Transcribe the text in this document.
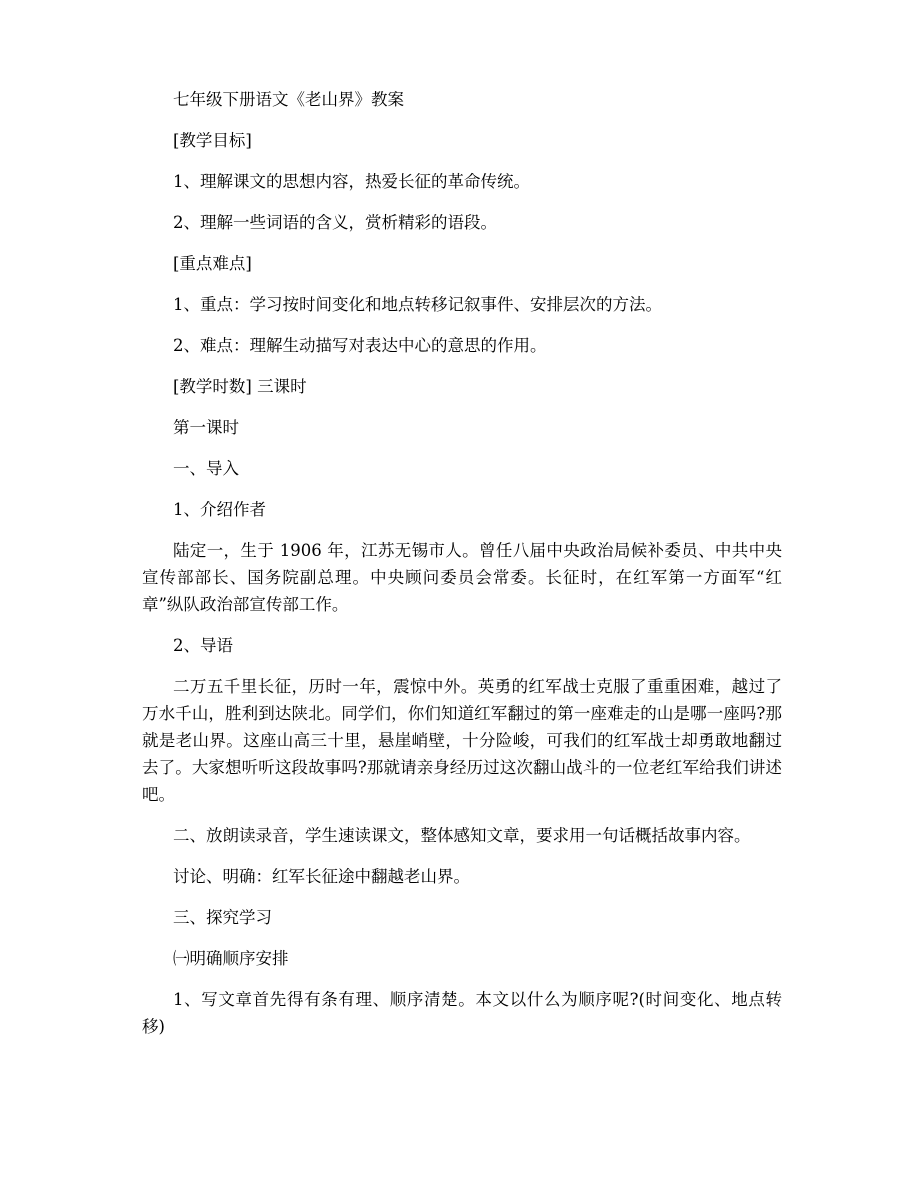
七年级下册语文《老山界》教案

[教学目标]

1、理解课文的思想内容，热爱长征的革命传统。

2、理解一些词语的含义，赏析精彩的语段。

[重点难点]

1、重点：学习按时间变化和地点转移记叙事件、安排层次的方法。

2、难点：理解生动描写对表达中心的意思的作用。

[教学时数] 三课时

第一课时

一、导入

1、介绍作者

陆定一，生于 1906 年，江苏无锡市人。曾任八届中央政治局候补委员、中共中央宣传部部长、国务院副总理。中央顾问委员会常委。长征时，在红军第一方面军“红章”纵队政治部宣传部工作。

2、导语

二万五千里长征，历时一年，震惊中外。英勇的红军战士克服了重重困难，越过了万水千山，胜利到达陕北。同学们，你们知道红军翻过的第一座难走的山是哪一座吗?那就是老山界。这座山高三十里，悬崖峭壁，十分险峻，可我们的红军战士却勇敢地翻过去了。大家想听听这段故事吗?那就请亲身经历过这次翻山战斗的一位老红军给我们讲述吧。

二、放朗读录音，学生速读课文，整体感知文章，要求用一句话概括故事内容。

讨论、明确：红军长征途中翻越老山界。

三、探究学习

㈠明确顺序安排

1、写文章首先得有条有理、顺序清楚。本文以什么为顺序呢?(时间变化、地点转移)
